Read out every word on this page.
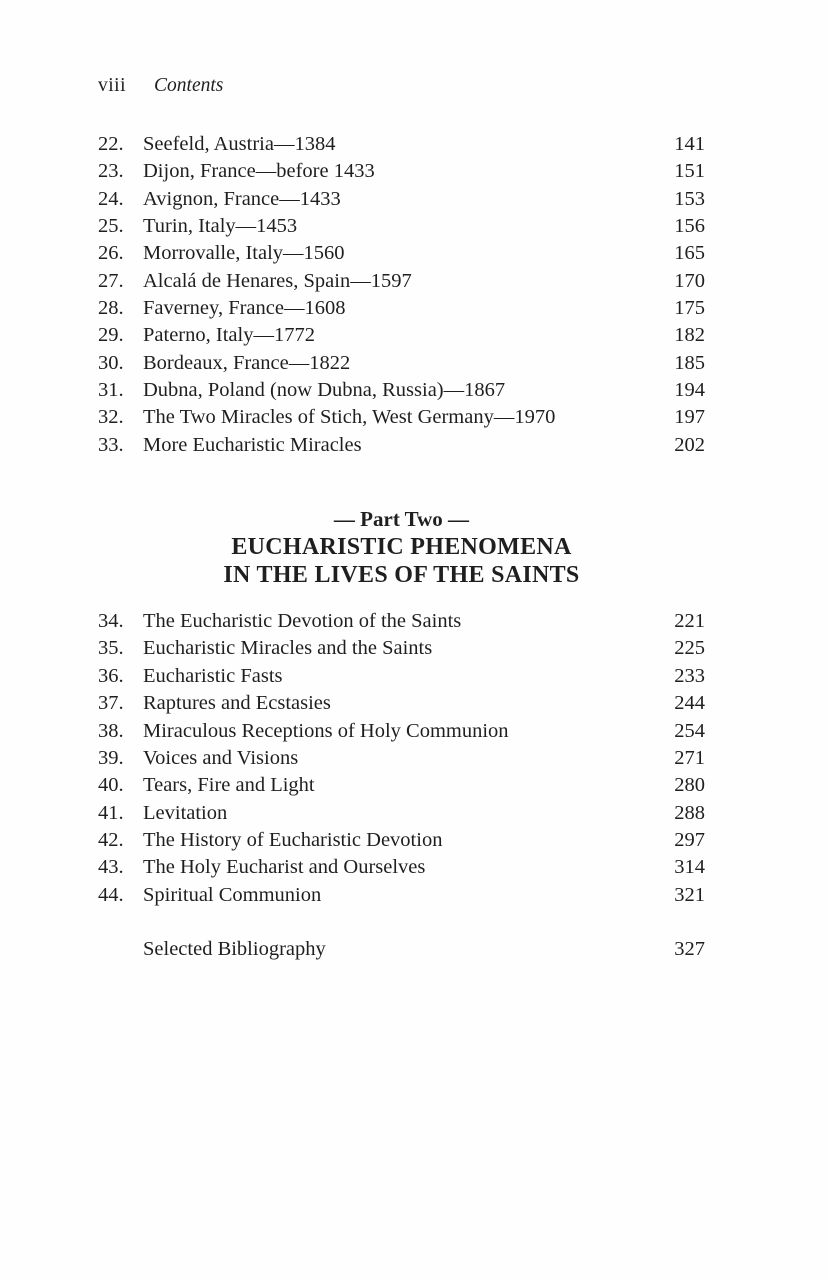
viii Contents
22. Seefeld, Austria—1384	141
23. Dijon, France—before 1433	151
24. Avignon, France—1433	153
25. Turin, Italy—1453	156
26. Morrovalle, Italy—1560	165
27. Alcalá de Henares, Spain—1597	170
28. Faverney, France—1608	175
29. Paterno, Italy—1772	182
30. Bordeaux, France—1822	185
31. Dubna, Poland (now Dubna, Russia)—1867	194
32. The Two Miracles of Stich, West Germany—1970	197
33. More Eucharistic Miracles	202
— Part Two —
EUCHARISTIC PHENOMENA
IN THE LIVES OF THE SAINTS
34. The Eucharistic Devotion of the Saints	221
35. Eucharistic Miracles and the Saints	225
36. Eucharistic Fasts	233
37. Raptures and Ecstasies	244
38. Miraculous Receptions of Holy Communion	254
39. Voices and Visions	271
40. Tears, Fire and Light	280
41. Levitation	288
42. The History of Eucharistic Devotion	297
43. The Holy Eucharist and Ourselves	314
44. Spiritual Communion	321
Selected Bibliography	327
